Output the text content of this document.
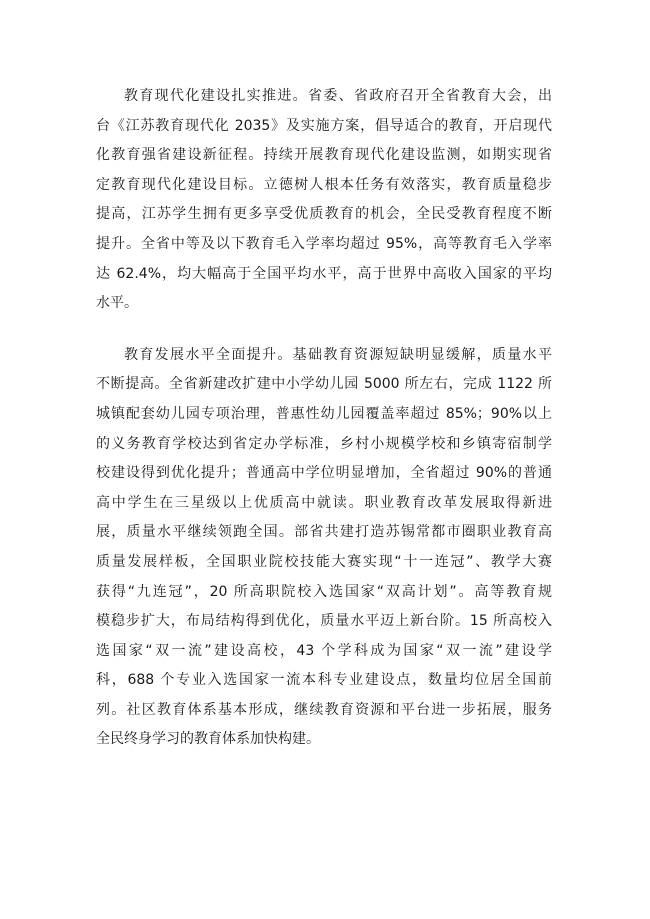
教育现代化建设扎实推进。省委、省政府召开全省教育大会，出
台《江苏教育现代化 2035》及实施方案，倡导适合的教育，开启现代
化教育强省建设新征程。持续开展教育现代化建设监测，如期实现省
定教育现代化建设目标。立德树人根本任务有效落实，教育质量稳步
提高，江苏学生拥有更多享受优质教育的机会，全民受教育程度不断
提升。全省中等及以下教育毛入学率均超过 95%，高等教育毛入学率
达 62.4%，均大幅高于全国平均水平，高于世界中高收入国家的平均
水平。
教育发展水平全面提升。基础教育资源短缺明显缓解，质量水平
不断提高。全省新建改扩建中小学幼儿园 5000 所左右，完成 1122 所
城镇配套幼儿园专项治理，普惠性幼儿园覆盖率超过 85%；90%以上
的义务教育学校达到省定办学标准，乡村小规模学校和乡镇寄宿制学
校建设得到优化提升；普通高中学位明显增加，全省超过 90%的普通
高中学生在三星级以上优质高中就读。职业教育改革发展取得新进
展，质量水平继续领跑全国。部省共建打造苏锡常都市圈职业教育高
质量发展样板，全国职业院校技能大赛实现“十一连冠”、教学大赛
获得“九连冠”，20 所高职院校入选国家“双高计划”。高等教育规
模稳步扩大，布局结构得到优化，质量水平迈上新台阶。15 所高校入
选国家“双一流”建设高校，43 个学科成为国家“双一流”建设学
科，688 个专业入选国家一流本科专业建设点，数量均位居全国前
列。社区教育体系基本形成，继续教育资源和平台进一步拓展，服务
全民终身学习的教育体系加快构建。
